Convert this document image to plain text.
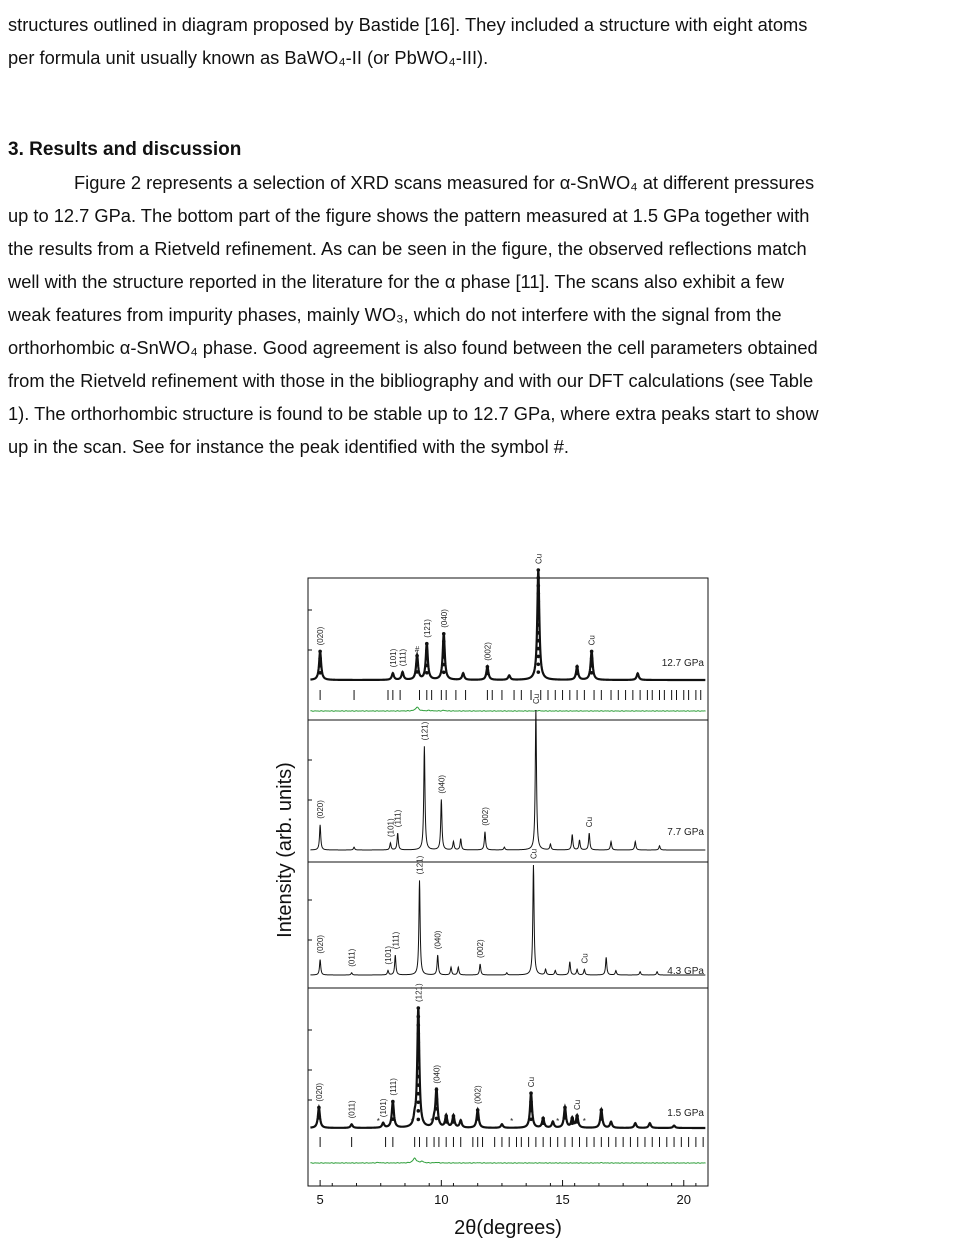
structures outlined in diagram proposed by Bastide [16]. They included a structure with eight atoms

per formula unit usually known as BaWO₄-II (or PbWO₄-III).

3. Results and discussion

Figure 2 represents a selection of XRD scans measured for α-SnWO₄ at different pressures

up to 12.7 GPa. The bottom part of the figure shows the pattern measured at 1.5 GPa together with

the results from a Rietveld refinement. As can be seen in the figure, the observed reflections match

well with the structure reported in the literature for the α phase [11]. The scans also exhibit a few

weak features from impurity phases, mainly WO₃, which do not interfere with the signal from the

orthorhombic α-SnWO₄ phase. Good agreement is also found between the cell parameters obtained

from the Rietveld refinement with those in the bibliography and with our DFT calculations (see Table

1). The orthorhombic structure is found to be stable up to 12.7 GPa, where extra peaks start to show

up in the scan. See for instance the peak identified with the symbol #.

(020)
(101) (111) #
(121)
(040)
(002)
Cu
Cu
12.7 GPa
(020)
(101)
(111)
(121)
(040)
(002)
Cu
Cu
7.7 GPa
(020)
(011)	(101)
(111)
(121)
(040)	(002)
Cu
Cu
4.3 GPa
(020)
(011)	(101)
(111)
(121)
(040)
(002)
Cu
Cu
*	* *	*	*	*
1.5 GPa
5	10	15	20
2θ(degrees)
Intensity (arb. units)
